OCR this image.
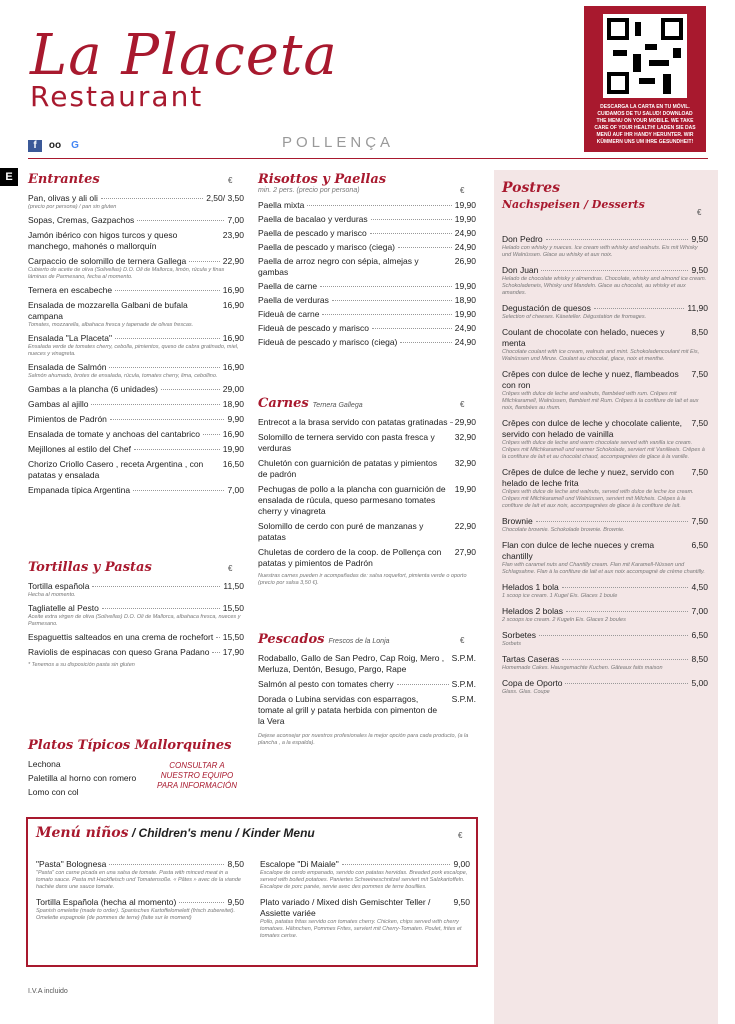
La Placeta
Restaurant
f	oo	G	POLLENÇA
DESCARGA LA CARTA EN TU MÓVIL. CUIDAMOS DE TU SALUD! DOWNLOAD THE MENU ON YOUR MOBILE. WE TAKE CARE OF YOUR HEALTH! LADEN SIE DAS MENÜ AUF IHR HANDY HERUNTER. WIR KÜMMERN UNS UM IHRE GESUNDHEIT!
E	Entrantes	€
Pan, olivas y ali oli	2,50/ 3,50
(precio por persona) / pan sin gluten
Sopas, Cremas, Gazpachos	7,00
Jamón ibérico con higos turcos y queso manchego, mahonés o mallorquín
23,90
Carpaccio de solomillo de ternera Gallega	22,90
Cubierto de aceite de oliva (Solivellas) D.O. Oli de Mallorca, limón, rúcula y finas láminas de Parmesano, fecha al momento.
Ternera en escabeche	16,90
Ensalada de mozzarella Galbani de bufala campana
16,90
Tomates, mozzarella, albahaca fresca y tapenade de olivas frescas.
Ensalada "La Placeta"	16,90
Ensalada verde de tomates cherry, cebolla, pimientos, queso de cabra gratinado, miel, nueces y vinagreta.
Ensalada de Salmón	16,90
Salmón ahumado, brotes de ensalada, rúcula, tomates cherry, lima, cebollino.
Gambas a la plancha (6 unidades)	29,00
Gambas al ajillo	18,90
Pimientos de Padrón	9,90
Ensalada de tomate y anchoas del cantabrico	16,90
Mejillones al estilo del Chef	19,90
Chorizo Criollo Casero , receta Argentina , con patatas y ensalada
16,50
Empanada típica Argentina	7,00
Tortillas y Pastas	€
Tortilla española	11,50
Hecha al momento.
Tagliatelle al Pesto	15,50
Aceite extra virgen de oliva (Solivellas) D.O. Oli de Mallorca, albahaca fresca, nueces y Parmesano.
Espaguettis salteados en una crema de rochefort 15,50
Raviolis de espinacas con queso Grana Padano 17,90
* Tenemos a su disposición pasta sin gluten
Platos Típicos Mallorquines
Lechona
Paletilla al horno con romero
Lomo con col
CONSULTAR A NUESTRO EQUIPO PARA INFORMACIÓN
Risottos y Paellas
min. 2 pers. (precio por persona)	€
Paella mixta	19,90
Paella de bacalao y verduras	19,90
Paella de pescado y marisco	24,90
Paella de pescado y marisco (ciega)	24,90
Paella de arroz negro con sépia, almejas y gambas
26,90
Paella de carne	19,90
Paella de verduras	18,90
Fideuà de carne	19,90
Fideuà de pescado y marisco	24,90
Fideuà de pescado y marisco (ciega)	24,90
Carnes Ternera Gallega	€
Entrecot a la brasa servido con patatas gratinadas 29,90
Solomillo de ternera servido con pasta fresca y verduras
32,90
Chuletón con guarnición de patatas y pimientos de padrón
32,90
Pechugas de pollo a la plancha con guarnición de ensalada de rúcula, queso parmesano tomates cherry y vinagreta
19,90
Solomillo de cerdo con puré de manzanas y patatas
22,90
Chuletas de cordero de la coop. de Pollença con patatas y pimientos de Padrón
27,90
Nuestras carnes pueden ir acompañadas de: salsa roquefort, pimienta verde o oporto (precio por salsa 3,50 €).
Pescados Frescos de la Lonja	€
Rodaballo, Gallo de San Pedro, Cap Roig, Mero , Merluza, Dentón, Besugo, Pargo, Rape
S.P.M.
Salmón al pesto con tomates cherry	S.P.M.
Dorada o Lubina servidas con esparragos, tomate al grill y patata herbida con pimenton de la Vera
S.P.M.
Dejese aconsejar por nuestros profesionales la mejor opción para cada producto, (a la plancha , a la espalda).
Postres
Nachspeisen / Desserts
€
Don Pedro	9,50
Helado con whisky y nueces. Ice cream with whisky and walnuts. Eis mit Whisky und Walnüssen. Glace au whisky et aux noix.
Don Juan	9,50
Helado de chocolate whisky y almendras. Chocolate, whisky and almond ice cream. Schokoladeneis, Whisky und Mandeln. Glace au chocolat, au whisky et aux amandes.
Degustación de quesos	11,90
Selection of cheeses. Käseteller. Dégustation de fromages.
Coulant de chocolate con helado, nueces y menta
8,50
Chocolate coulant with ice cream, walnuts and mint. Schokoladencoulant mit Eis, Walnüssen und Minze. Coulant au chocolat, glace, noix et menthe.
Crêpes con dulce de leche y nuez, flambeados con ron
7,50
Crêpes with dulce de leche and walnuts, flambéed with rum. Crêpes mit Milchkaramell, Walnüssen, flambiert mit Rum. Crêpes à la confiture de lait et aux noix, flambées au rhum.
Crêpes con dulce de leche y chocolate caliente, servido con helado de vainilla
7,50
Crêpes with dulce de leche and warm chocolate served with vanilla ice cream. Crêpes mit Milchkaramell und warmer Schokolade, serviert mit Vanilleeis. Crêpes à la confiture de lait et au chocolat chaud, accompagnées de glace à la vanille.
Crêpes de dulce de leche y nuez, servido con helado de leche frita
7,50
Crêpes with dulce de leche and walnuts, served with dulce de leche ice cream. Crêpes mit Milchkaramell und Walnüssen, serviert mit Milcheis. Crêpes à la confiture de lait et aux noix, accompagnées de glace à la confiture de lait.
Brownie	7,50
Chocolate brownie. Schokolade brownie. Brownie.
Flan con dulce de leche nueces y crema chantilly
6,50
Flan with caramel nuts and Chantilly cream. Flan mit Karamell-Nüssen und Schlagsahne. Flan à la confiture de lait et aux noix accompagné de crème chantilly.
Helados 1 bola	4,50
1 scoop ice cream. 1 Kugel Eis. Glaces 1 boule
Helados 2 bolas	7,00
2 scoops ice cream. 2 Kugeln Eis. Glaces 2 boules
Sorbetes	6,50
Sorbets
Tartas Caseras	8,50
Homemade Cakes. Hausgemachte Kuchen. Gâteaux faits maison
Copa de Oporto	5,00
Glass. Glas. Coupe
Menú niños / Children's menu / Kinder Menu	€
"Pasta" Bolognesa	8,50
"Pasta" con carne picada en una salsa de tomate. Pasta with minced meat in a tomato sauce. Pasta mit Hackfleisch und Tomatensoße. « Pâtes » avec de la viande hachée dans une sauce tomate.
Tortilla Española (hecha al momento)	9,50
Spanish omelette (made to order). Spanisches Kartoffelomelett (frisch zubereitet). Omelette espagnole (de pommes de terre) (faite sur le moment)
Escalope "Di Maiale"	9,00
Escalope de cerdo empanado, servido con patatas hervidas. Breaded pork escalope, served with boiled potatoes. Paniertes Schweineschnitzel serviert mit Salzkartoffeln. Escalope de porc panée, servie avec des pommes de terre bouillies.
Plato variado / Mixed dish Gemischter Teller / Assiette variée
9,50
Pollo, patatas fritas servido con tomates cherry. Chicken, chips served with cherry tomatoes. Hähnchen, Pommes Frites, serviert mit Cherry-Tomaten. Poulet, frites et tomates cerise.
I.V.A incluido
